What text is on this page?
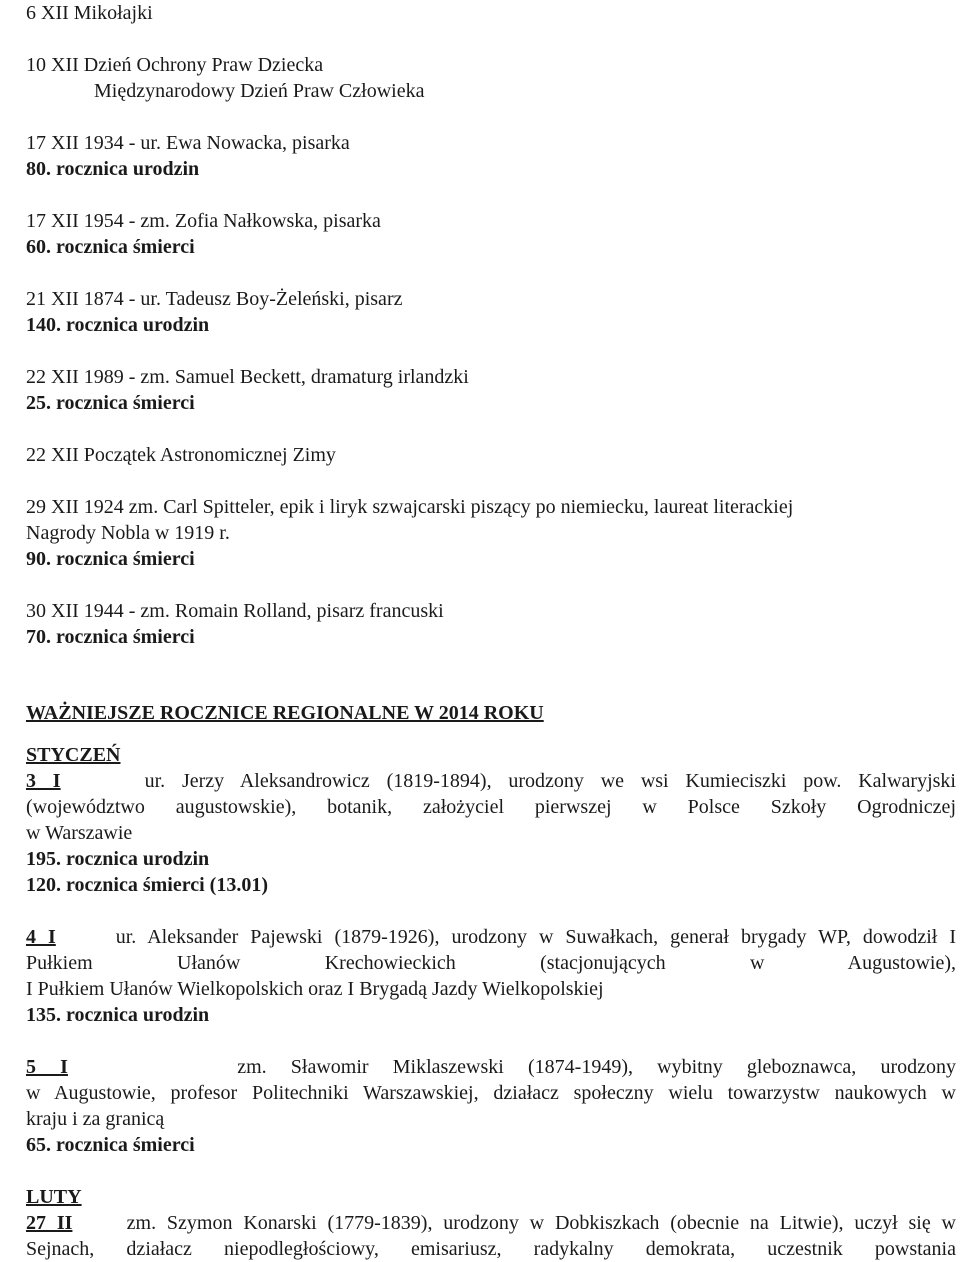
6 XII Mikołajki
10 XII Dzień Ochrony Praw Dziecka
Międzynarodowy Dzień Praw Człowieka
17 XII 1934 - ur. Ewa Nowacka, pisarka
80. rocznica urodzin
17 XII 1954 - zm. Zofia Nałkowska, pisarka
60. rocznica śmierci
21 XII 1874 - ur. Tadeusz Boy-Żeleński, pisarz
140. rocznica urodzin
22 XII 1989 - zm. Samuel Beckett, dramaturg irlandzki
25. rocznica śmierci
22 XII Początek Astronomicznej Zimy
29 XII 1924 zm. Carl Spitteler, epik i liryk szwajcarski piszący po niemiecku, laureat literackiej
Nagrody Nobla w 1919 r.
90. rocznica śmierci
30 XII 1944 - zm. Romain Rolland, pisarz francuski
70. rocznica śmierci
WAŻNIEJSZE ROCZNICE REGIONALNE W 2014 ROKU
STYCZEŃ
3 I	ur. Jerzy Aleksandrowicz (1819-1894), urodzony we wsi Kumieciszki pow. Kalwaryjski
(województwo augustowskie), botanik, założyciel pierwszej w Polsce Szkoły Ogrodniczej
w Warszawie
195. rocznica urodzin
120. rocznica śmierci (13.01)
4 I	ur. Aleksander Pajewski (1879-1926), urodzony w Suwałkach, generał brygady WP, dowodził I
Pułkiem Ułanów Krechowieckich (stacjonujących w Augustowie),
I Pułkiem Ułanów Wielkopolskich oraz I Brygadą Jazdy Wielkopolskiej
135. rocznica urodzin
5 I	zm. Sławomir Miklaszewski (1874-1949), wybitny gleboznawca, urodzony
w Augustowie, profesor Politechniki Warszawskiej, działacz społeczny wielu towarzystw naukowych w
kraju i za granicą
65. rocznica śmierci
LUTY
27 II	zm. Szymon Konarski (1779-1839), urodzony w Dobkiszkach (obecnie na Litwie), uczył się w
Sejnach, działacz niepodległościowy, emisariusz, radykalny demokrata, uczestnik powstania
